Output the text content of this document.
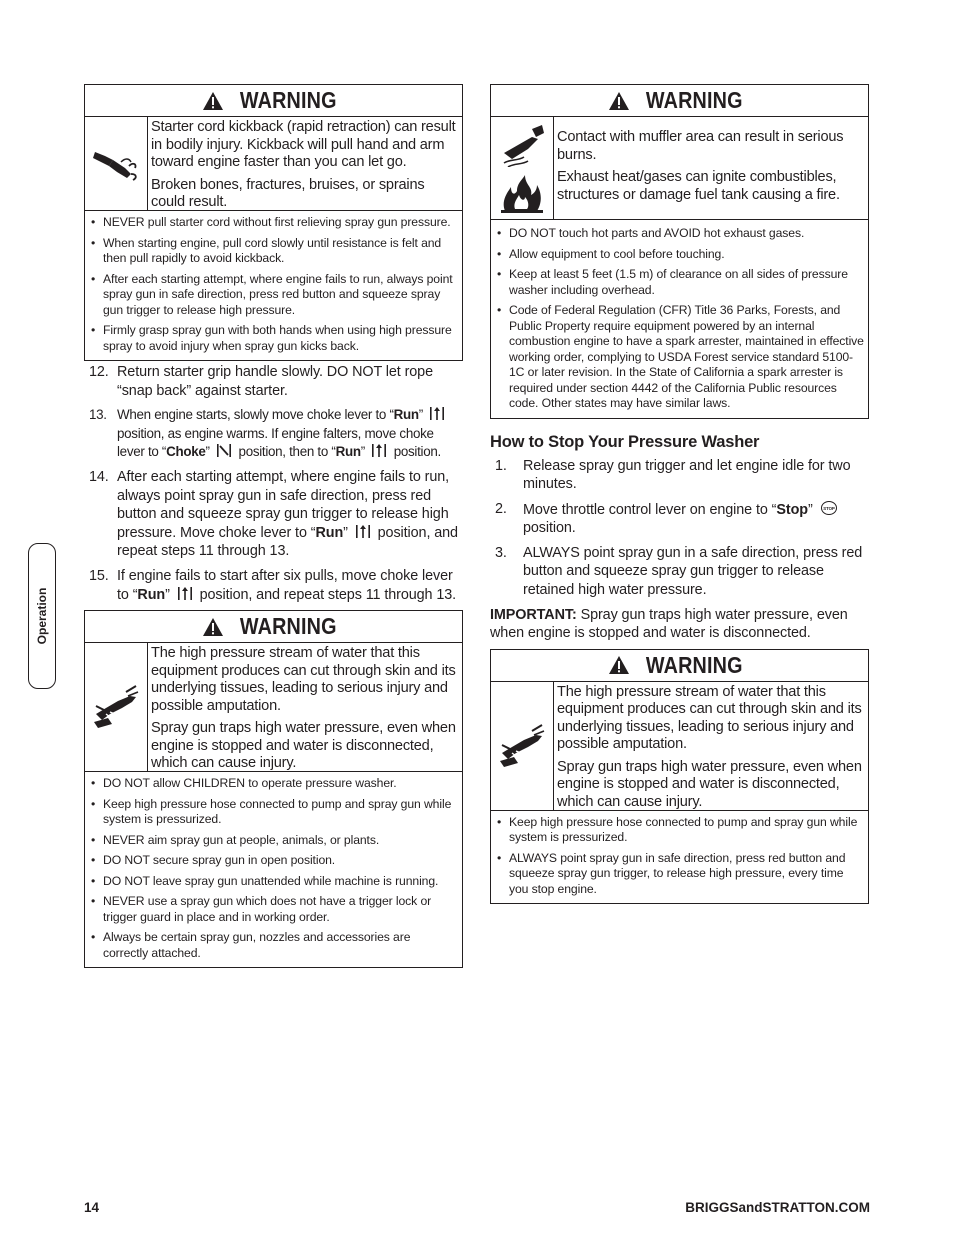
Operation
WARNING

Starter cord kickback (rapid retraction) can result in bodily injury. Kickback will pull hand and arm toward engine faster than you can let go.

Broken bones, fractures, bruises, or sprains could result.

• NEVER pull starter cord without first relieving spray gun pressure.
• When starting engine, pull cord slowly until resistance is felt and then pull rapidly to avoid kickback.
• After each starting attempt, where engine fails to run, always point spray gun in safe direction, press red button and squeeze spray gun trigger to release high pressure.
• Firmly grasp spray gun with both hands when using high pressure spray to avoid injury when spray gun kicks back.
12. Return starter grip handle slowly. DO NOT let rope “snap back” against starter.
13. When engine starts, slowly move choke lever to “Run”  position, as engine warms. If engine falters, move choke lever to “Choke”  position, then to “Run”  position.
14. After each starting attempt, where engine fails to run, always point spray gun in safe direction, press red button and squeeze spray gun trigger to release high pressure. Move choke lever to “Run”  position, and repeat steps 11 through 13.
15. If engine fails to start after six pulls, move choke lever to “Run”  position, and repeat steps 11 through 13.
WARNING

The high pressure stream of water that this equipment produces can cut through skin and its underlying tissues, leading to serious injury and possible amputation.

Spray gun traps high water pressure, even when engine is stopped and water is disconnected, which can cause injury.

• DO NOT allow CHILDREN to operate pressure washer.
• Keep high pressure hose connected to pump and spray gun while system is pressurized.
• NEVER aim spray gun at people, animals, or plants.
• DO NOT secure spray gun in open position.
• DO NOT leave spray gun unattended while machine is running.
• NEVER use a spray gun which does not have a trigger lock or trigger guard in place and in working order.
• Always be certain spray gun, nozzles and accessories are correctly attached.
WARNING

Contact with muffler area can result in serious burns.

Exhaust heat/gases can ignite combustibles, structures or damage fuel tank causing a fire.

• DO NOT touch hot parts and AVOID hot exhaust gases.
• Allow equipment to cool before touching.
• Keep at least 5 feet (1.5 m) of clearance on all sides of pressure washer including overhead.
• Code of Federal Regulation (CFR) Title 36 Parks, Forests, and Public Property require equipment powered by an internal combustion engine to have a spark arrester, maintained in effective working order, complying to USDA Forest service standard 5100-1C or later revision. In the State of California a spark arrester is required under section 4442 of the California Public resources code. Other states may have similar laws.
How to Stop Your Pressure Washer
1. Release spray gun trigger and let engine idle for two minutes.
2. Move throttle control lever on engine to “Stop” STOP
position.
3. ALWAYS point spray gun in a safe direction, press red button and squeeze spray gun trigger to release retained high water pressure.

IMPORTANT: Spray gun traps high water pressure, even when engine is stopped and water is disconnected.

WARNING

The high pressure stream of water that this equipment produces can cut through skin and its underlying tissues, leading to serious injury and possible amputation.

Spray gun traps high water pressure, even when engine is stopped and water is disconnected, which can cause injury.

• Keep high pressure hose connected to pump and spray gun while system is pressurized.
• ALWAYS point spray gun in safe direction, press red button and squeeze spray gun trigger, to release high pressure, every time you stop engine.
14	BRIGGSandSTRATTON.COM
